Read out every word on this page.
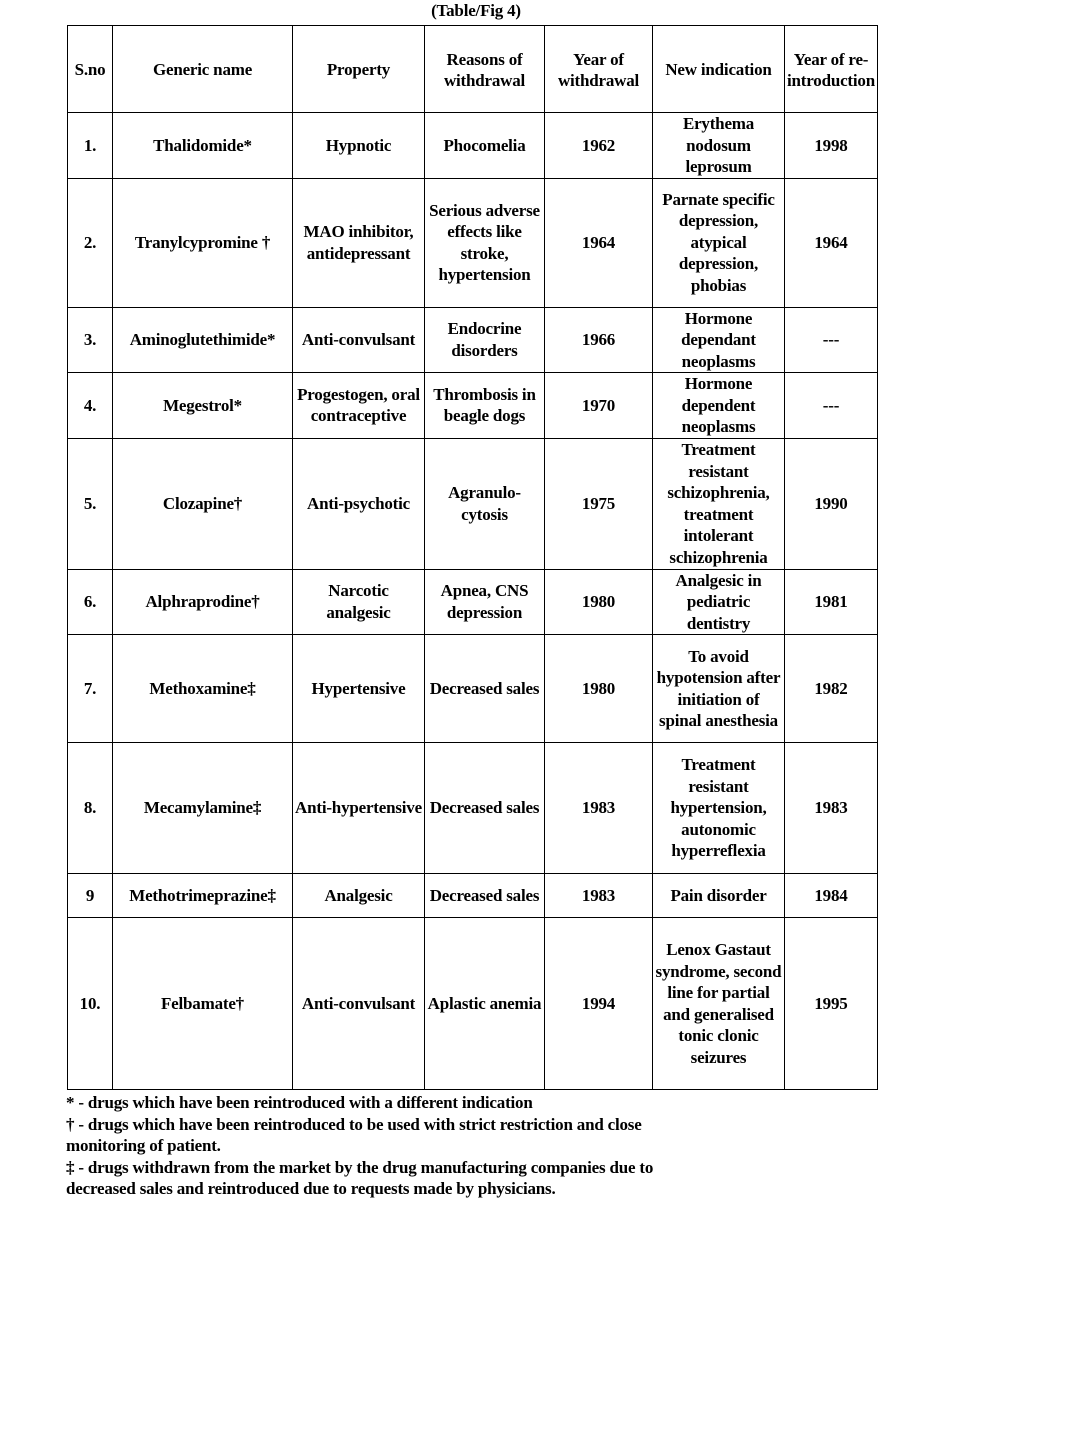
(Table/Fig 4)
S.no	Generic name	Property	Reasons of withdrawal	Year of withdrawal	New indication	Year of re-introduction
1.	Thalidomide*	Hypnotic	Phocomelia	1962	Erythema nodosum leprosum	1998
2.	Tranylcypromine †	MAO inhibitor, antidepressant	Serious adverse effects like stroke, hypertension	1964	Parnate specific depression, atypical depression, phobias	1964
3.	Aminoglutethimide*	Anti-convulsant	Endocrine disorders	1966	Hormone dependant neoplasms	---
4.	Megestrol*	Progestogen, oral contraceptive	Thrombosis in beagle dogs	1970	Hormone dependent neoplasms	---
5.	Clozapine†	Anti-psychotic	Agranulo-cytosis	1975	Treatment resistant schizophrenia, treatment intolerant schizophrenia	1990
6.	Alphraprodine†	Narcotic analgesic	Apnea, CNS depression	1980	Analgesic in pediatric dentistry	1981
7.	Methoxamine‡	Hypertensive	Decreased sales	1980	To avoid hypotension after initiation of spinal anesthesia	1982
8.	Mecamylamine‡	Anti-hypertensive	Decreased sales	1983	Treatment resistant hypertension, autonomic hyperreflexia	1983
9	Methotrimeprazine‡	Analgesic	Decreased sales	1983	Pain disorder	1984
10.	Felbamate†	Anti-convulsant	Aplastic anemia	1994	Lenox Gastaut syndrome, second line for partial and generalised tonic clonic seizures	1995
* - drugs which have been reintroduced with a different indication
† - drugs which have been reintroduced to be used with strict restriction and close monitoring of patient.
‡ - drugs withdrawn from the market by the drug manufacturing companies due to decreased sales and reintroduced due to requests made by physicians.
